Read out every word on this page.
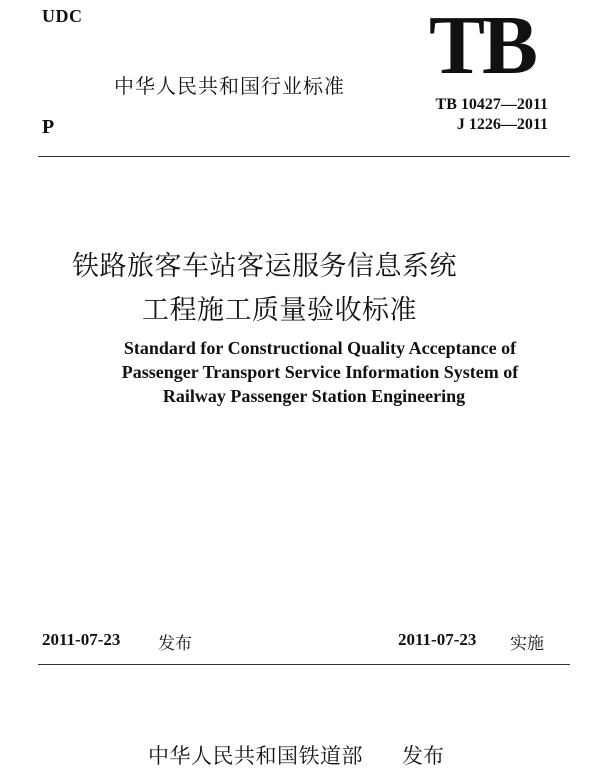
UDC
中华人民共和国行业标准 TB
TB 10427—2011
P	J 1226—2011
铁路旅客车站客运服务信息系统
工程施工质量验收标准
Standard for Constructional Quality Acceptance of
Passenger Transport Service Information System of
Railway Passenger Station Engineering
2011-07-23 发布	2011-07-23 实施
中华人民共和国铁道部 发布
